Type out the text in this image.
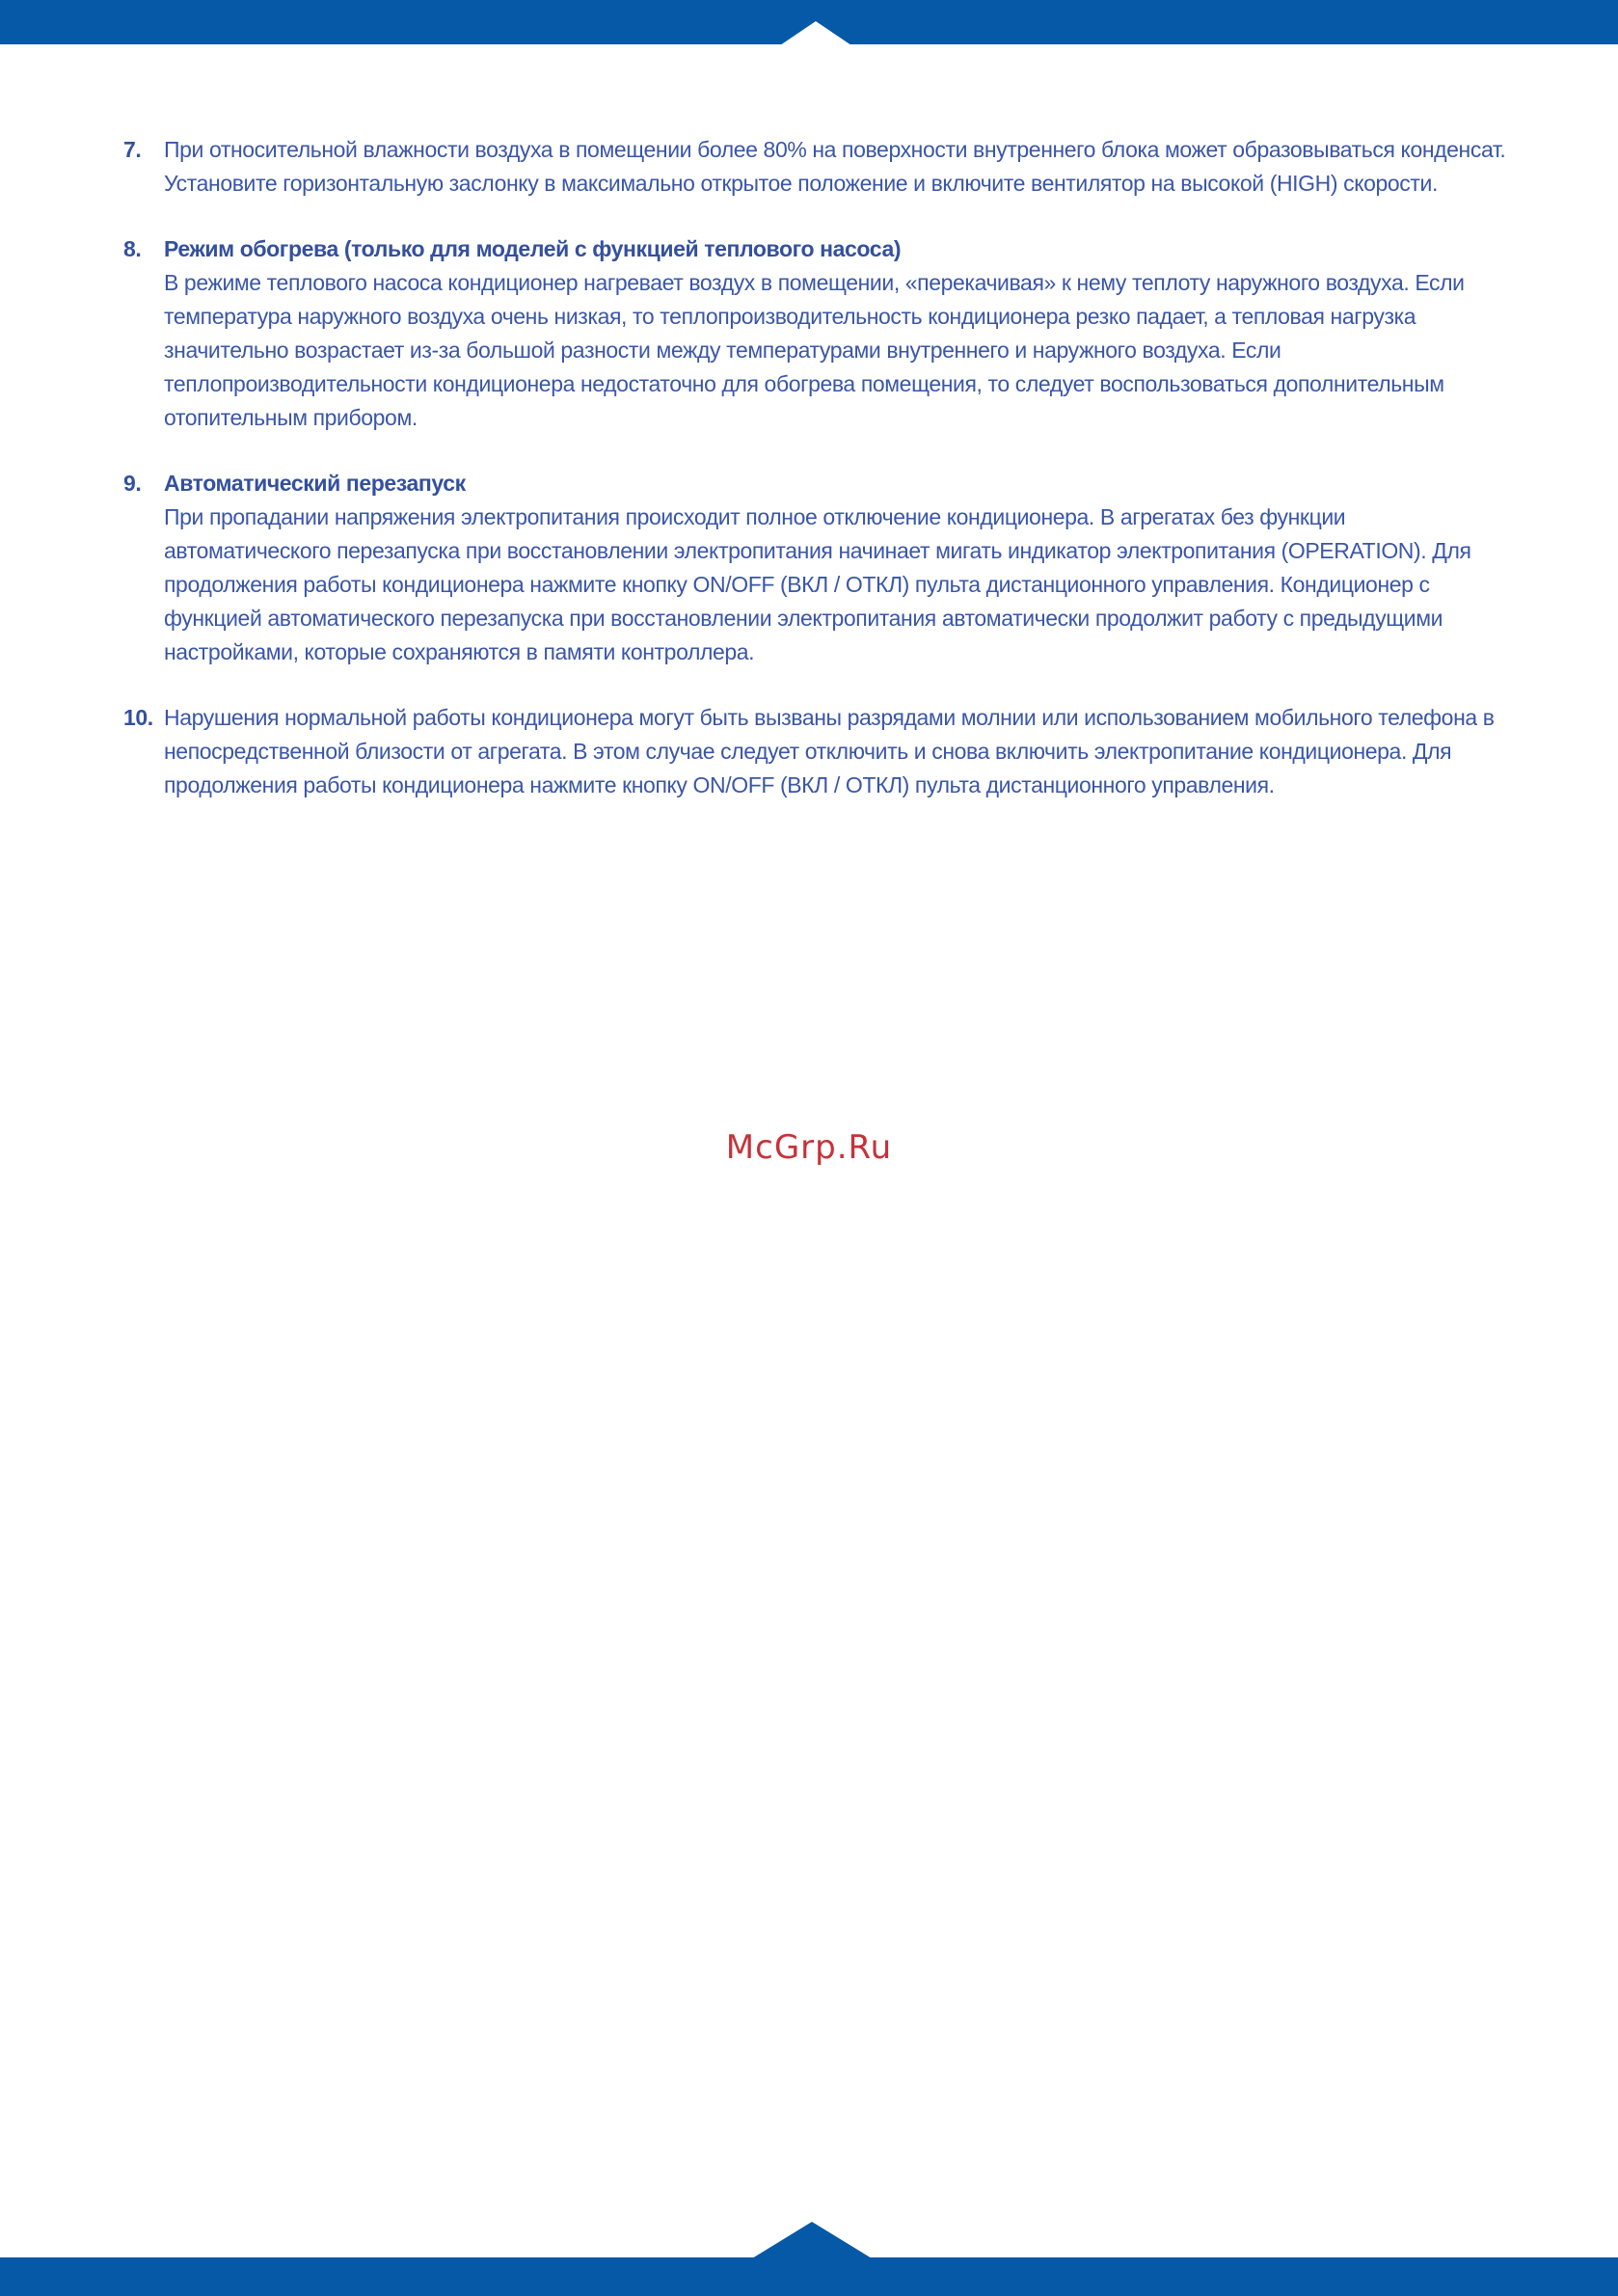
7. При относительной влажности воздуха в помещении более 80% на поверхности внутреннего блока может образовываться конденсат. Установите горизонтальную заслонку в максимально открытое положение и включите вентилятор на высокой (HIGH) скорости.

8. Режим обогрева (только для моделей с функцией теплового насоса)

В режиме теплового насоса кондиционер нагревает воздух в помещении, «перекачивая» к нему теплоту наружного воздуха. Если температура наружного воздуха очень низкая, то теплопроизводительность кондиционера резко падает, а тепловая нагрузка значительно возрастает из-за большой разности между температурами внутреннего и наружного воздуха. Если теплопроизводительности кондиционера недостаточно для обогрева помещения, то следует воспользоваться дополнительным отопительным прибором.

9. Автоматический перезапуск

При пропадании напряжения электропитания происходит полное отключение кондиционера. В агрегатах без функции автоматического перезапуска при восстановлении электропитания начинает мигать индикатор электропитания (OPERATION). Для продолжения работы кондиционера нажмите кнопку ON/OFF (ВКЛ / ОТКЛ) пульта дистанционного управления. Кондиционер с функцией автоматического перезапуска при восстановлении электропитания автоматически продолжит работу с предыдущими настройками, которые сохраняются в памяти контроллера.

10. Нарушения нормальной работы кондиционера могут быть вызваны разрядами молнии или использованием мобильного телефона в непосредственной близости от агрегата. В этом случае следует отключить и снова включить электропитание кондиционера. Для продолжения работы кондиционера нажмите кнопку ON/OFF (ВКЛ / ОТКЛ) пульта дистанционного управления.

McGrp.Ru
